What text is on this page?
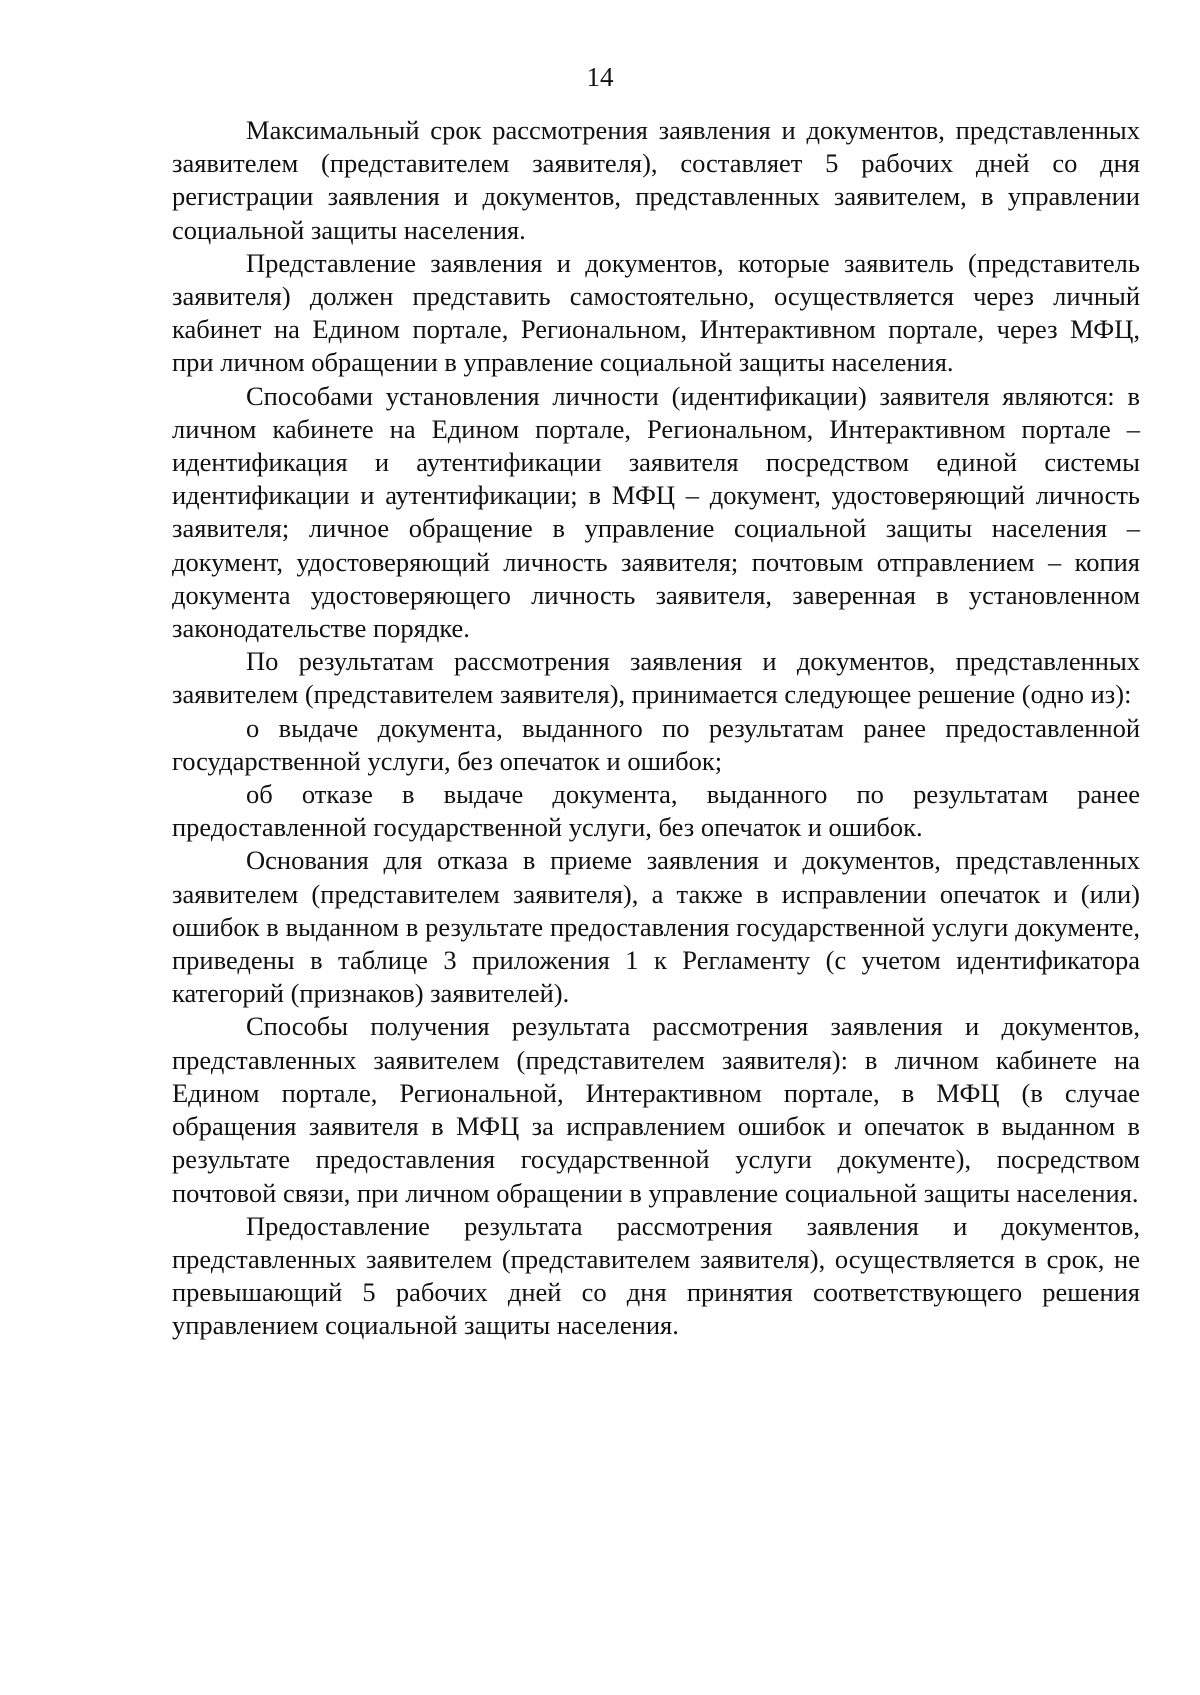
14

Максимальный срок рассмотрения заявления и документов, представленных заявителем (представителем заявителя), составляет 5 рабочих дней со дня регистрации заявления и документов, представленных заявителем, в управлении социальной защиты населения.

Представление заявления и документов, которые заявитель (представитель заявителя) должен представить самостоятельно, осуществляется через личный кабинет на Едином портале, Региональном, Интерактивном портале, через МФЦ, при личном обращении в управление социальной защиты населения.

Способами установления личности (идентификации) заявителя являются: в личном кабинете на Едином портале, Региональном, Интерактивном портале – идентификация и аутентификации заявителя посредством единой системы идентификации и аутентификации; в МФЦ – документ, удостоверяющий личность заявителя; личное обращение в управление социальной защиты населения – документ, удостоверяющий личность заявителя; почтовым отправлением – копия документа удостоверяющего личность заявителя, заверенная в установленном законодательстве порядке.

По результатам рассмотрения заявления и документов, представленных заявителем (представителем заявителя), принимается следующее решение (одно из):

о выдаче документа, выданного по результатам ранее предоставленной государственной услуги, без опечаток и ошибок;

об отказе в выдаче документа, выданного по результатам ранее предоставленной государственной услуги, без опечаток и ошибок.

Основания для отказа в приеме заявления и документов, представленных заявителем (представителем заявителя), а также в исправлении опечаток и (или) ошибок в выданном в результате предоставления государственной услуги документе, приведены в таблице 3 приложения 1 к Регламенту (с учетом идентификатора категорий (признаков) заявителей).

Способы получения результата рассмотрения заявления и документов, представленных заявителем (представителем заявителя): в личном кабинете на Едином портале, Региональной, Интерактивном портале, в МФЦ (в случае обращения заявителя в МФЦ за исправлением ошибок и опечаток в выданном в результате предоставления государственной услуги документе), посредством почтовой связи, при личном обращении в управление социальной защиты населения.

Предоставление результата рассмотрения заявления и документов, представленных заявителем (представителем заявителя), осуществляется в срок, не превышающий 5 рабочих дней со дня принятия соответствующего решения управлением социальной защиты населения.
